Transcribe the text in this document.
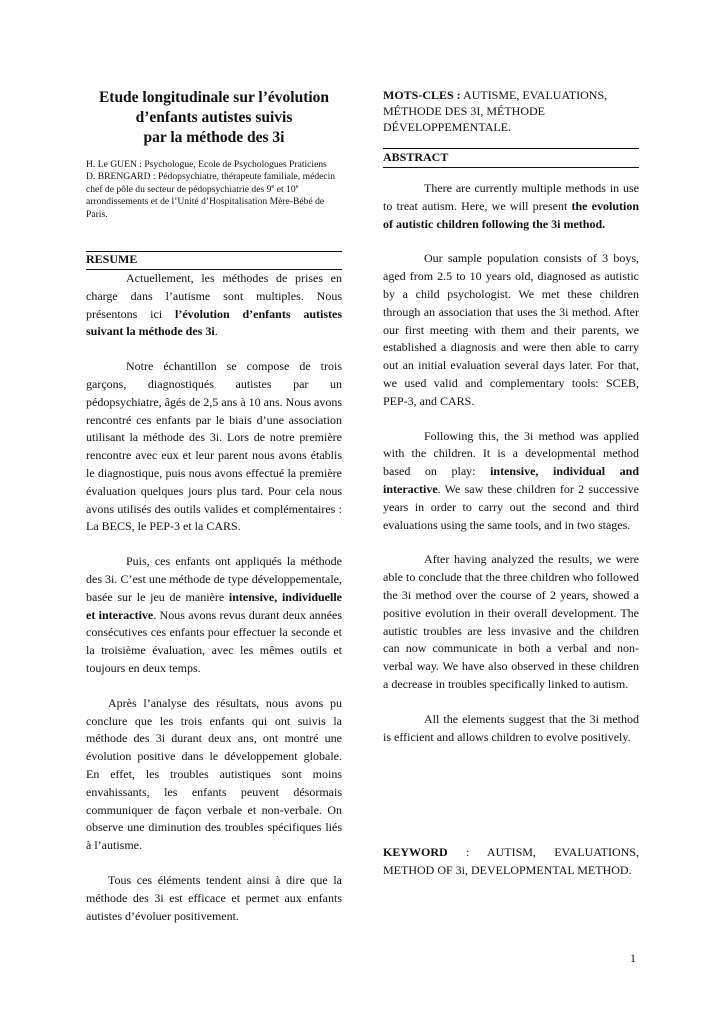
Etude longitudinale sur l’évolution
d’enfants autistes suivis
par la méthode des 3i

H. Le GUEN : Psychologue, Ecole de Psychologues Praticiens

D. BRENGARD : Pédopsychiatre, thérapeute familiale, médecin chef de pôle du secteur de pédopsychiatrie des 9e et 10e arrondissements et de l’Unité d’Hospitalisation Mère-Bébé de Paris.

RESUME

Actuellement, les méthodes de prises en charge dans l’autisme sont multiples. Nous présentons ici l’évolution d’enfants autistes suivant la méthode des 3i.

Notre échantillon se compose de trois garçons, diagnostiqués autistes par un pédopsychiatre, âgés de 2,5 ans à 10 ans. Nous avons rencontré ces enfants par le biais d’une association utilisant la méthode des 3i. Lors de notre première rencontre avec eux et leur parent nous avons établis le diagnostique, puis nous avons effectué la première évaluation quelques jours plus tard. Pour cela nous avons utilisés des outils valides et complémentaires : La BECS, le PEP-3 et la CARS.

Puis, ces enfants ont appliqués la méthode des 3i. C’est une méthode de type développementale, basée sur le jeu de manière intensive, individuelle et interactive. Nous avons revus durant deux années consécutives ces enfants pour effectuer la seconde et la troisième évaluation, avec les mêmes outils et toujours en deux temps.

Après l’analyse des résultats, nous avons pu conclure que les trois enfants qui ont suivis la méthode des 3i durant deux ans, ont montré une évolution positive dans le développement globale. En effet, les troubles autistiques sont moins envahissants, les enfants peuvent désormais communiquer de façon verbale et non-verbale. On observe une diminution des troubles spécifiques liés à l’autisme.

Tous ces éléments tendent ainsi à dire que la méthode des 3i est efficace et permet aux enfants autistes d’évoluer positivement.

MOTS-CLES : AUTISME, EVALUATIONS, MÉTHODE DES 3I, MÉTHODE DÉVELOPPEMENTALE.
ABSTRACT

There are currently multiple methods in use to treat autism. Here, we will present the evolution of autistic children following the 3i method.

Our sample population consists of 3 boys, aged from 2.5 to 10 years old, diagnosed as autistic by a child psychologist. We met these children through an association that uses the 3i method. After our first meeting with them and their parents, we established a diagnosis and were then able to carry out an initial evaluation several days later. For that, we used valid and complementary tools: SCEB, PEP-3, and CARS.

Following this, the 3i method was applied with the children. It is a developmental method based on play: intensive, individual and interactive. We saw these children for 2 successive years in order to carry out the second and third evaluations using the same tools, and in two stages.

After having analyzed the results, we were able to conclude that the three children who followed the 3i method over the course of 2 years, showed a positive evolution in their overall development. The autistic troubles are less invasive and the children can now communicate in both a verbal and non-verbal way. We have also observed in these children a decrease in troubles specifically linked to autism.

All the elements suggest that the 3i method is efficient and allows children to evolve positively.

KEYWORD : AUTISM, EVALUATIONS, METHOD OF 3i, DEVELOPMENTAL METHOD.
1
